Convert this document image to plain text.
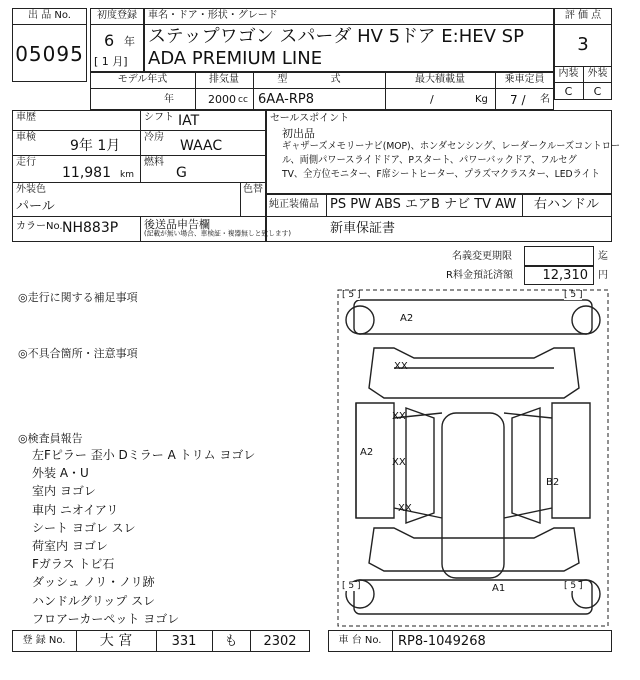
出 品 No.
05095
初度登録
6 年
[ 1 月]
車名・ドア・形状・グレード
ステップワゴン スパーダ HV 5ドア E:HEV SP
ADA PREMIUM LINE
評 価 点
3
内装 外装
C	C
モデル年式
年
排気量
2000 cc
型 式
6AA-RP8
最大積載量
/	Kg
乗車定員
7 / 名
車歴	シフト IAT
車検
9年 1月
冷房
WAAC
走行
11,981 km
燃料
G
外装色
パール
色替
カラーNo. NH883P 後送品申告欄
(記載が無い場合、車検証・複器無しと致します)
セールスポイント
初出品
ギャザーズメモリーナビ(MOP)、ホンダセンシング、レーダークルーズコントロー
ル、両側パワースライドドア、Pスタート、パワーバックドア、フルセグ
TV、全方位モニター、F席シートヒーター、プラズマクラスター、LEDライト
純正装備品 PS PW ABS エアB ナビ TV AW 右ハンドル
新車保証書
名義変更期限	迄
R料金預託済額	12,310 円
◎走行に関する補足事項
◎不具合箇所・注意事項
◎検査員報告
左Fピラー 歪小 Dミラー A トリム ヨゴレ
外装 A・U
室内 ヨゴレ
車内 ニオイアリ
シート ヨゴレ スレ
荷室内 ヨゴレ
Fガラス トビ石
ダッシュ ノリ・ノリ跡
ハンドルグリップ スレ
フロアーカーペット ヨゴレ
[ 5 ]	[ 5 ]
[ 5 ]	[ 5 ]
A2
XX
XX
A2
XX
XX
B2
A1
登 録 No.	大 宮	331	も	2302	車 台 No.	RP8-1049268
